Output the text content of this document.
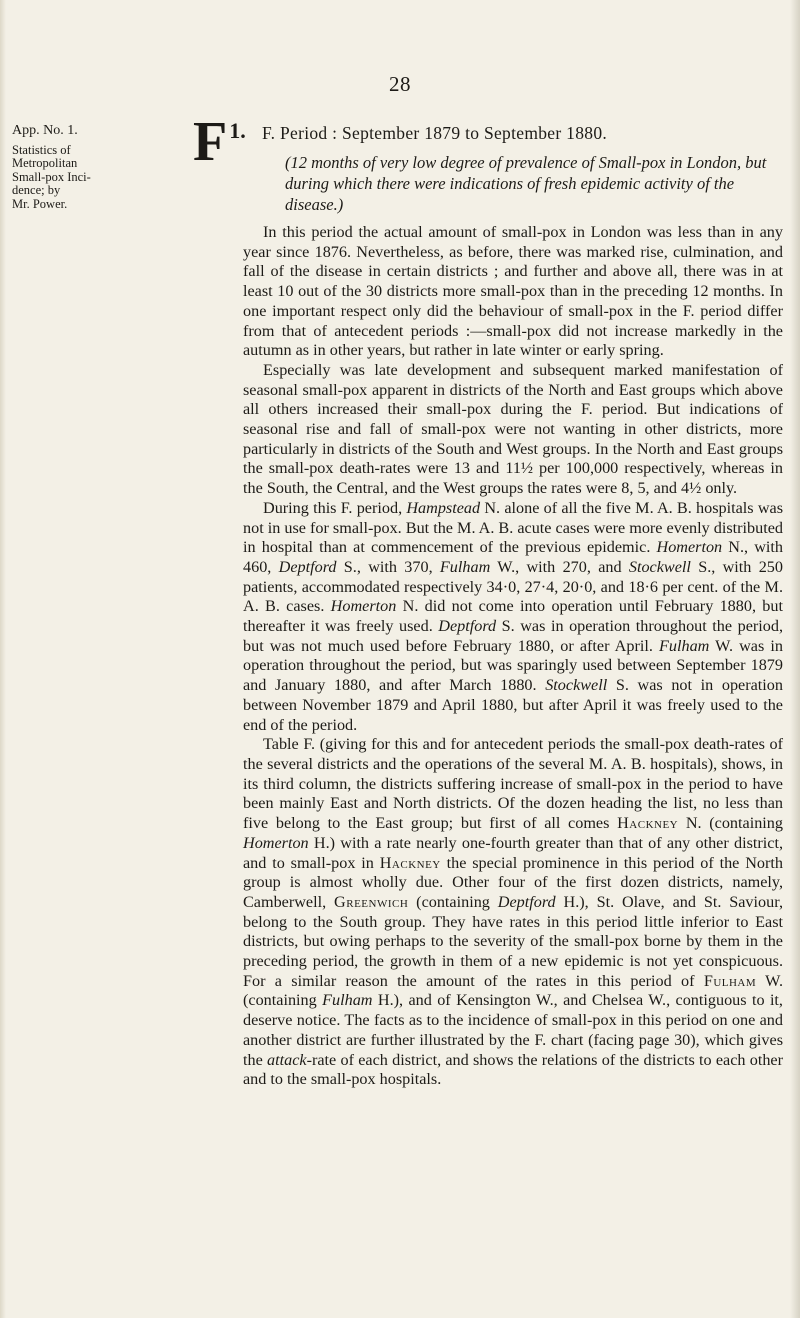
28
App. No. 1.
Statistics of
Metropolitan
Small-pox Inci-
dence; by
Mr. Power.
$F^{1.}$ F. Period : September 1879 to September 1880.
(12 months of very low degree of prevalence of Small-pox in London, but during which there were indications of fresh epidemic activity of the disease.)

In this period the actual amount of small-pox in London was less than in any year since 1876. Nevertheless, as before, there was marked rise, culmination, and fall of the disease in certain districts ; and further and above all, there was in at least 10 out of the 30 districts more small-pox than in the preceding 12 months. In one important respect only did the behaviour of small-pox in the F. period differ from that of antecedent periods :—small-pox did not increase markedly in the autumn as in other years, but rather in late winter or early spring.

Especially was late development and subsequent marked manifestation of seasonal small-pox apparent in districts of the North and East groups which above all others increased their small-pox during the F. period. But indications of seasonal rise and fall of small-pox were not wanting in other districts, more particularly in districts of the South and West groups. In the North and East groups the small-pox death-rates were 13 and 11½ per 100,000 respectively, whereas in the South, the Central, and the West groups the rates were 8, 5, and 4½ only.

During this F. period, Hampstead N. alone of all the five M. A. B. hospitals was not in use for small-pox. But the M. A. B. acute cases were more evenly distributed in hospital than at commencement of the previous epidemic. Homerton N., with 460, Deptford S., with 370, Fulham W., with 270, and Stockwell S., with 250 patients, accommodated respectively 34·0, 27·4, 20·0, and 18·6 per cent. of the M. A. B. cases. Homerton N. did not come into operation until February 1880, but thereafter it was freely used. Deptford S. was in operation throughout the period, but was not much used before February 1880, or after April. Fulham W. was in operation throughout the period, but was sparingly used between September 1879 and January 1880, and after March 1880. Stockwell S. was not in operation between November 1879 and April 1880, but after April it was freely used to the end of the period.

Table F. (giving for this and for antecedent periods the small-pox death-rates of the several districts and the operations of the several M. A. B. hospitals), shows, in its third column, the districts suffering increase of small-pox in the period to have been mainly East and North districts. Of the dozen heading the list, no less than five belong to the East group; but first of all comes Hackney N. (containing Homerton H.) with a rate nearly one-fourth greater than that of any other district, and to small-pox in Hackney the special prominence in this period of the North group is almost wholly due. Other four of the first dozen districts, namely, Camberwell, Greenwich (containing Deptford H.), St. Olave, and St. Saviour, belong to the South group. They have rates in this period little inferior to East districts, but owing perhaps to the severity of the small-pox borne by them in the preceding period, the growth in them of a new epidemic is not yet conspicuous. For a similar reason the amount of the rates in this period of Fulham W. (containing Fulham H.), and of Kensington W., and Chelsea W., contiguous to it, deserve notice. The facts as to the incidence of small-pox in this period on one and another district are further illustrated by the F. chart (facing page 30), which gives the attack-rate of each district, and shows the relations of the districts to each other and to the small-pox hospitals.
